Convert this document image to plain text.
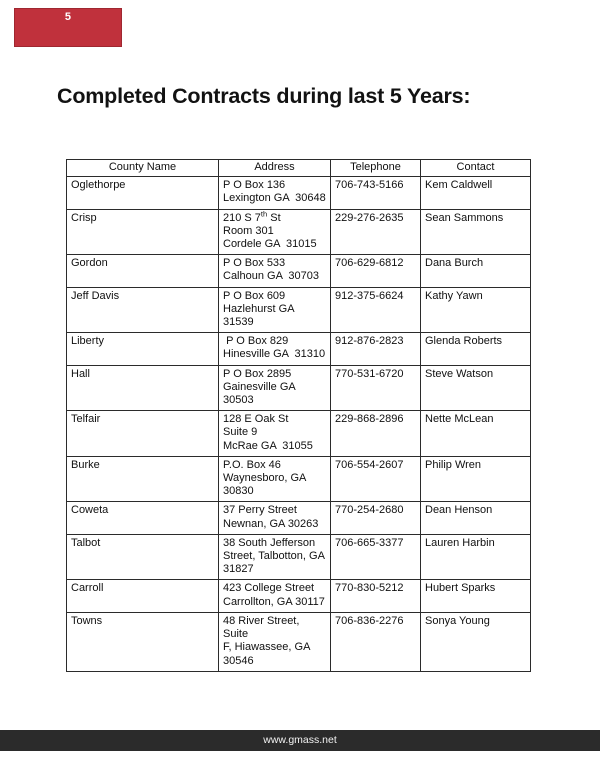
5
Completed Contracts during last 5 Years:
County Name	Address	Telephone	Contact
Oglethorpe	P O Box 136
Lexington GA  30648	706-743-5166	Kem Caldwell
Crisp	210 S 7th St
Room 301
Cordele GA  31015	229-276-2635	Sean Sammons
Gordon	P O Box 533
Calhoun GA  30703	706-629-6812	Dana Burch
Jeff Davis	P O Box 609
Hazlehurst GA
31539	912-375-6624	Kathy Yawn
Liberty	P O Box 829
Hinesville GA  31310	912-876-2823	Glenda Roberts
Hall	P O Box 2895
Gainesville GA
30503	770-531-6720	Steve Watson
Telfair	128 E Oak St
Suite 9
McRae GA  31055	229-868-2896	Nette McLean
Burke	P.O. Box 46
Waynesboro, GA
30830	706-554-2607	Philip Wren
Coweta	37 Perry Street
Newnan, GA 30263	770-254-2680	Dean Henson
Talbot	38 South Jefferson
Street, Talbotton, GA
31827	706-665-3377	Lauren Harbin
Carroll	423 College Street
Carrollton, GA 30117	770-830-5212	Hubert Sparks
Towns	48 River Street, Suite
F, Hiawassee, GA
30546	706-836-2276	Sonya Young
www.gmass.net
